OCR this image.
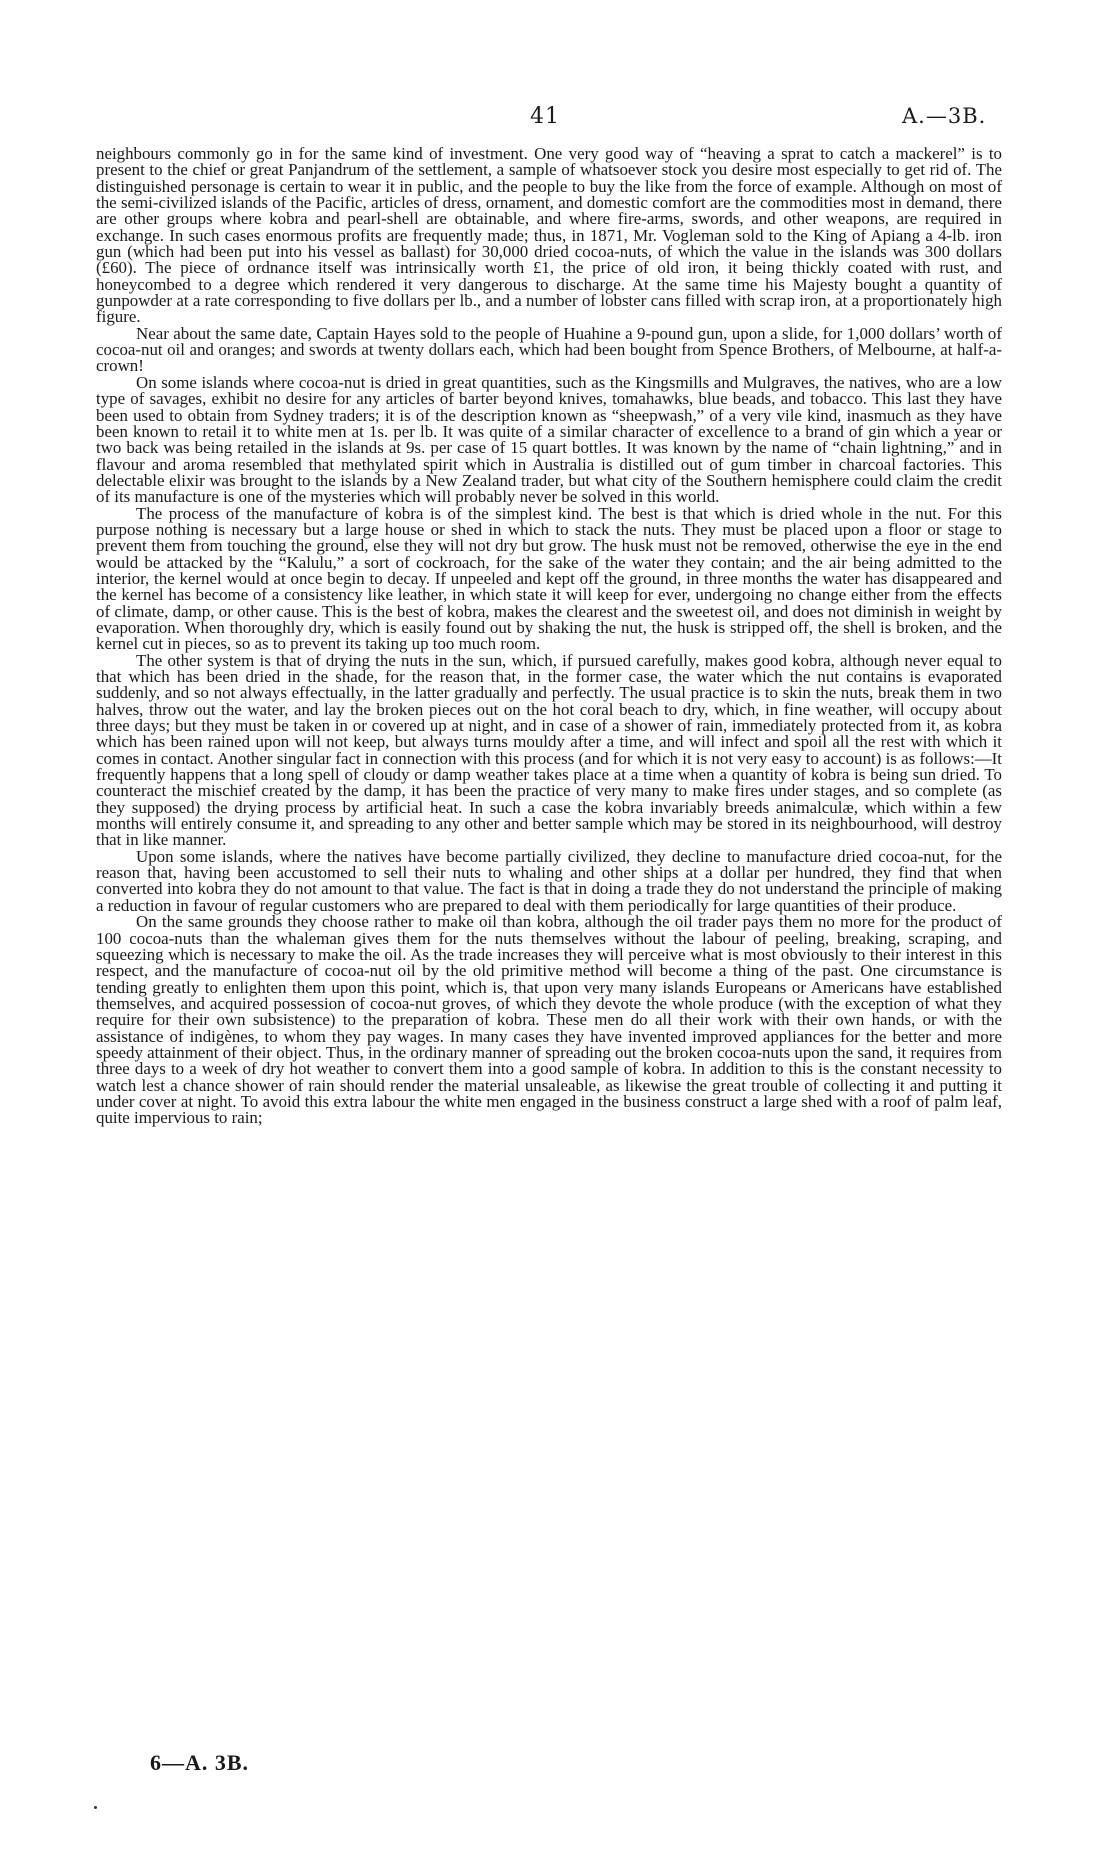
41	A.—3B.

neighbours commonly go in for the same kind of investment. One very good way of “heaving a sprat to catch a mackerel” is to present to the chief or great Panjandrum of the settlement, a sample of whatsoever stock you desire most especially to get rid of. The distinguished personage is certain to wear it in public, and the people to buy the like from the force of example. Although on most of the semi-civilized islands of the Pacific, articles of dress, ornament, and domestic comfort are the commodities most in demand, there are other groups where kobra and pearl-shell are obtainable, and where fire-arms, swords, and other weapons, are required in exchange. In such cases enormous profits are frequently made; thus, in 1871, Mr. Vogleman sold to the King of Apiang a 4-lb. iron gun (which had been put into his vessel as ballast) for 30,000 dried cocoa-nuts, of which the value in the islands was 300 dollars (£60). The piece of ordnance itself was intrinsically worth £1, the price of old iron, it being thickly coated with rust, and honeycombed to a degree which rendered it very dangerous to discharge. At the same time his Majesty bought a quantity of gunpowder at a rate corresponding to five dollars per lb., and a number of lobster cans filled with scrap iron, at a proportionately high figure.

Near about the same date, Captain Hayes sold to the people of Huahine a 9-pound gun, upon a slide, for 1,000 dollars’ worth of cocoa-nut oil and oranges; and swords at twenty dollars each, which had been bought from Spence Brothers, of Melbourne, at half-a-crown!

On some islands where cocoa-nut is dried in great quantities, such as the Kingsmills and Mulgraves, the natives, who are a low type of savages, exhibit no desire for any articles of barter beyond knives, tomahawks, blue beads, and tobacco. This last they have been used to obtain from Sydney traders; it is of the description known as “sheepwash,” of a very vile kind, inasmuch as they have been known to retail it to white men at 1s. per lb. It was quite of a similar character of excellence to a brand of gin which a year or two back was being retailed in the islands at 9s. per case of 15 quart bottles. It was known by the name of “chain lightning,” and in flavour and aroma resembled that methylated spirit which in Australia is distilled out of gum timber in charcoal factories. This delectable elixir was brought to the islands by a New Zealand trader, but what city of the Southern hemisphere could claim the credit of its manufacture is one of the mysteries which will probably never be solved in this world.

The process of the manufacture of kobra is of the simplest kind. The best is that which is dried whole in the nut. For this purpose nothing is necessary but a large house or shed in which to stack the nuts. They must be placed upon a floor or stage to prevent them from touching the ground, else they will not dry but grow. The husk must not be removed, otherwise the eye in the end would be attacked by the “Kalulu,” a sort of cockroach, for the sake of the water they contain; and the air being admitted to the interior, the kernel would at once begin to decay. If unpeeled and kept off the ground, in three months the water has disappeared and the kernel has become of a consistency like leather, in which state it will keep for ever, undergoing no change either from the effects of climate, damp, or other cause. This is the best of kobra, makes the clearest and the sweetest oil, and does not diminish in weight by evaporation. When thoroughly dry, which is easily found out by shaking the nut, the husk is stripped off, the shell is broken, and the kernel cut in pieces, so as to prevent its taking up too much room.

The other system is that of drying the nuts in the sun, which, if pursued carefully, makes good kobra, although never equal to that which has been dried in the shade, for the reason that, in the former case, the water which the nut contains is evaporated suddenly, and so not always effectually, in the latter gradually and perfectly. The usual practice is to skin the nuts, break them in two halves, throw out the water, and lay the broken pieces out on the hot coral beach to dry, which, in fine weather, will occupy about three days; but they must be taken in or covered up at night, and in case of a shower of rain, immediately protected from it, as kobra which has been rained upon will not keep, but always turns mouldy after a time, and will infect and spoil all the rest with which it comes in contact. Another singular fact in connection with this process (and for which it is not very easy to account) is as follows:—It frequently happens that a long spell of cloudy or damp weather takes place at a time when a quantity of kobra is being sun dried. To counteract the mischief created by the damp, it has been the practice of very many to make fires under stages, and so complete (as they supposed) the drying process by artificial heat. In such a case the kobra invariably breeds animalculæ, which within a few months will entirely consume it, and spreading to any other and better sample which may be stored in its neighbourhood, will destroy that in like manner.

Upon some islands, where the natives have become partially civilized, they decline to manufacture dried cocoa-nut, for the reason that, having been accustomed to sell their nuts to whaling and other ships at a dollar per hundred, they find that when converted into kobra they do not amount to that value. The fact is that in doing a trade they do not understand the principle of making a reduction in favour of regular customers who are prepared to deal with them periodically for large quantities of their produce.

On the same grounds they choose rather to make oil than kobra, although the oil trader pays them no more for the product of 100 cocoa-nuts than the whaleman gives them for the nuts themselves without the labour of peeling, breaking, scraping, and squeezing which is necessary to make the oil. As the trade increases they will perceive what is most obviously to their interest in this respect, and the manufacture of cocoa-nut oil by the old primitive method will become a thing of the past. One circumstance is tending greatly to enlighten them upon this point, which is, that upon very many islands Europeans or Americans have established themselves, and acquired possession of cocoa-nut groves, of which they devote the whole produce (with the exception of what they require for their own subsistence) to the preparation of kobra. These men do all their work with their own hands, or with the assistance of indigènes, to whom they pay wages. In many cases they have invented improved appliances for the better and more speedy attainment of their object. Thus, in the ordinary manner of spreading out the broken cocoa-nuts upon the sand, it requires from three days to a week of dry hot weather to convert them into a good sample of kobra. In addition to this is the constant necessity to watch lest a chance shower of rain should render the material unsaleable, as likewise the great trouble of collecting it and putting it under cover at night. To avoid this extra labour the white men engaged in the business construct a large shed with a roof of palm leaf, quite impervious to rain;

6—A. 3B.
